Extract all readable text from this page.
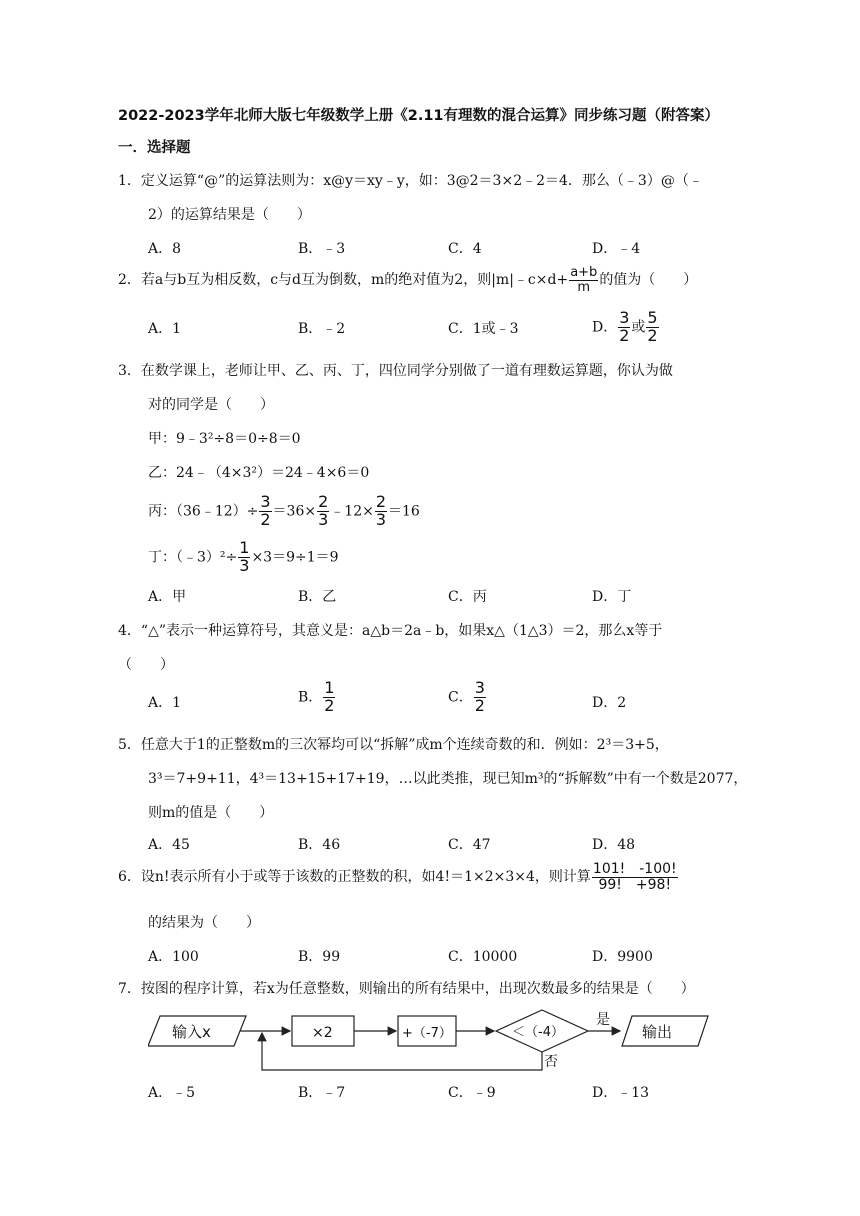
2022-2023学年北师大版七年级数学上册《2.11有理数的混合运算》同步练习题（附答案）
一．选择题
1．定义运算“@”的运算法则为：x@y＝xy﹣y，如：3@2＝3×2﹣2＝4．那么（﹣3）@（﹣
2）的运算结果是（　　）
A．8	B．﹣3	C．4	D．﹣4
2．若a与b互为相反数，c与d互为倒数，m的绝对值为2，则|m|﹣c×d+ $\frac{a+b}{m}$ 的值为（　　）
A．1	B．﹣2	C．1或﹣3	D． $\frac{3}{2}$ 或 $\frac{5}{2}$
3．在数学课上，老师让甲、乙、丙、丁，四位同学分别做了一道有理数运算题，你认为做
对的同学是（　　）
甲：9﹣3²÷8＝0÷8＝0
乙：24﹣（4×3²）＝24﹣4×6＝0
丙：（36﹣12）÷ $\frac{3}{2} =36\times \frac{2}{3}$ ﹣12× $\frac{2}{3} =16$
丁：（﹣3）²÷ $\frac{1}{3} \times 3=9\div 1=9$
A．甲	B．乙	C．丙	D．丁
4．“△”表示一种运算符号，其意义是：a△b＝2a﹣b，如果x△（1△3）＝2，那么x等于
（　　）
A．1	B． $\frac{1}{2}$	C． $\frac{3}{2}$	D．2
5．任意大于1的正整数m的三次幂均可以“拆解”成m个连续奇数的和．例如：2³＝3+5，
3³＝7+9+11，4³＝13+15+17+19，…以此类推，现已知m³的“拆解数”中有一个数是2077，
则m的值是（　　）
A．45	B．46	C．47	D．48
6．设n!表示所有小于或等于该数的正整数的积，如4!＝1×2×3×4，则计算 $\frac{101! -100!}{99! +98!}$
的结果为（　　）
A．100	B．99	C．10000	D．9900
7．按图的程序计算，若x为任意整数，则输出的所有结果中，出现次数最多的结果是（　　）
输入x	×2	+（-7）	＜（-4）
是
输出
否
A．﹣5	B．﹣7	C．﹣9	D．﹣13
